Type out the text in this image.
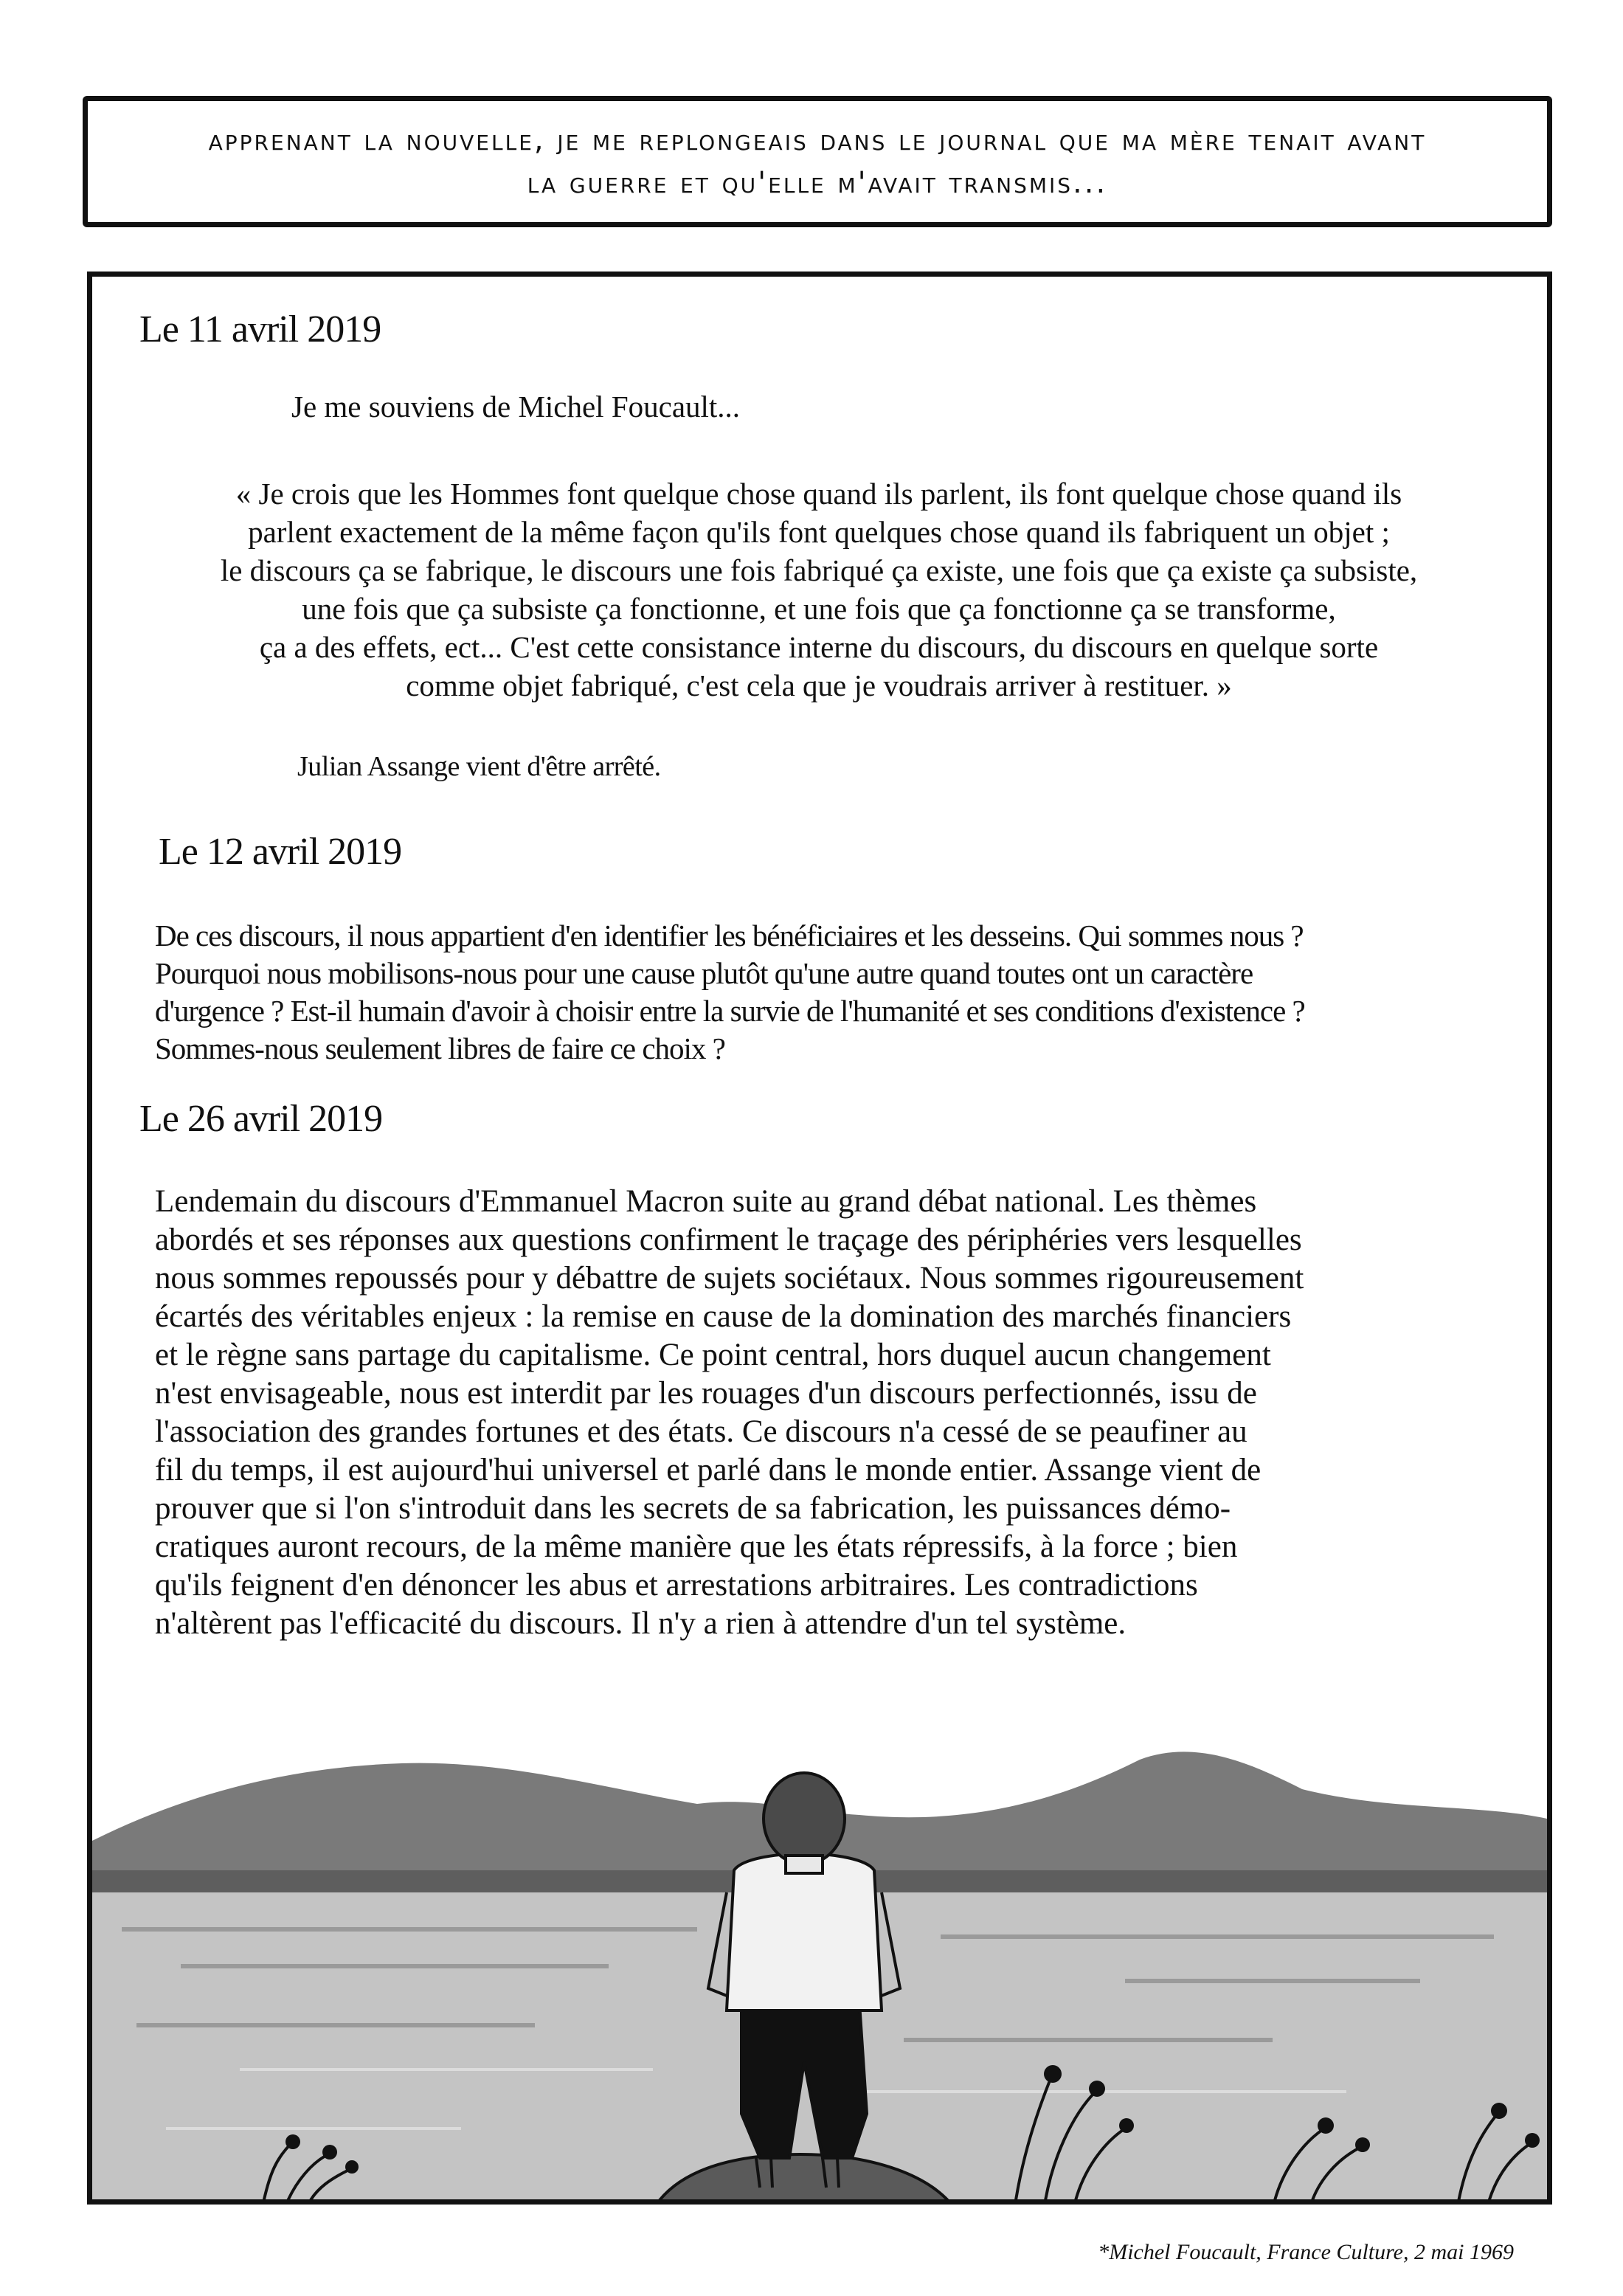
apprenant la nouvelle, je me replongeais dans le journal que ma mère tenait avant
la guerre et qu'elle m'avait transmis...
Le 11 avril 2019
Je me souviens de Michel Foucault...
« Je crois que les Hommes font quelque chose quand ils parlent, ils font quelque chose quand ils
parlent exactement de la même façon qu'ils font quelques chose quand ils fabriquent un objet ;
le discours ça se fabrique, le discours une fois fabriqué ça existe, une fois que ça existe ça subsiste,
une fois que ça subsiste ça fonctionne, et une fois que ça fonctionne ça se transforme,
ça a des effets, ect... C'est cette consistance interne du discours, du discours en quelque sorte
comme objet fabriqué, c'est cela que je voudrais arriver à restituer. »
Julian Assange vient d'être arrêté.
Le 12 avril 2019
De ces discours, il nous appartient d'en identifier les bénéficiaires et les desseins. Qui sommes nous ?
Pourquoi nous mobilisons-nous pour une cause plutôt qu'une autre quand toutes ont un caractère
d'urgence ? Est-il humain d'avoir à choisir entre la survie de l'humanité et ses conditions d'existence ?
Sommes-nous seulement libres de faire ce choix ?
Le 26 avril 2019
Lendemain du discours d'Emmanuel Macron suite au grand débat national. Les thèmes
abordés et ses réponses aux questions confirment le traçage des périphéries vers lesquelles
nous sommes repoussés pour y débattre de sujets sociétaux. Nous sommes rigoureusement
écartés des véritables enjeux : la remise en cause de la domination des marchés financiers
et le règne sans partage du capitalisme. Ce point central, hors duquel aucun changement
n'est envisageable, nous est interdit par les rouages d'un discours perfectionnés, issu de
l'association des grandes fortunes et des états. Ce discours n'a cessé de se peaufiner au
fil du temps, il est aujourd'hui universel et parlé dans le monde entier. Assange vient de
prouver que si l'on s'introduit dans les secrets de sa fabrication, les puissances démo-
cratiques auront recours, de la même manière que les états répressifs, à la force ; bien
qu'ils feignent d'en dénoncer les abus et arrestations arbitraires. Les contradictions
n'altèrent pas l'efficacité du discours. Il n'y a rien à attendre d'un tel système.
*Michel Foucault, France Culture, 2 mai 1969
